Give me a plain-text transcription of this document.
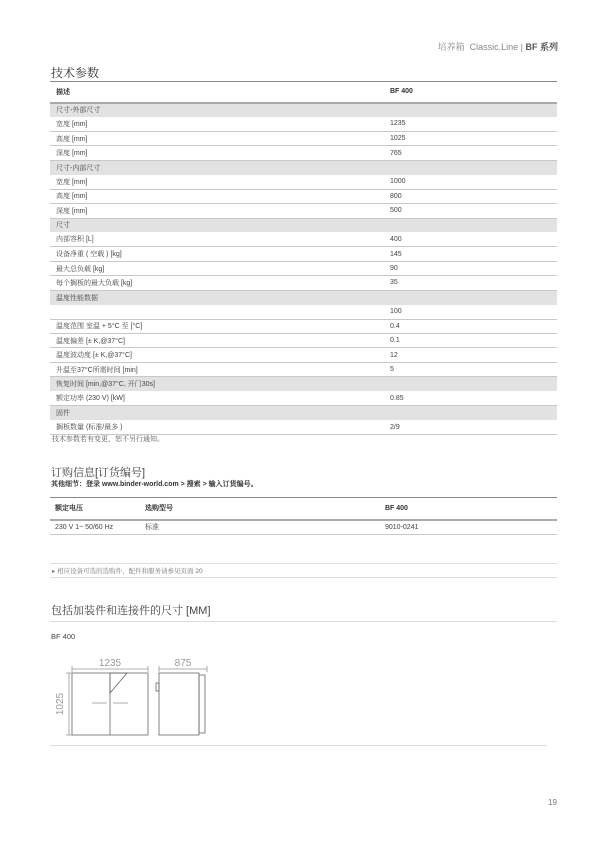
培养箱 Classic.Line | BF 系列
技术参数
描述	BF 400
尺寸-外部尺寸	
宽度 [mm]	1235
高度 [mm]	1025
深度 [mm]	765
尺寸-内部尺寸	
宽度 [mm]	1000
高度 [mm]	800
深度 [mm]	500
尺寸	
内部容积 [L]	400
设备净重 ( 空载 ) [kg]	145
最大总负载 [kg]	90
每个搁板的最大负载 [kg]	35
温度性能数据	
	100
温度范围 室温 + 5°C 至 [°C]	0.4
温度偏差 [± K,@37°C]	0.1
温度波动度 [± K,@37°C]	12
升温至37°C所需时间 [min]	5
恢复时间 [min,@37°C, 开门30s]	
额定功率 (230 V) [kW]	0.85
固件	
搁板数量 (标准/最多 )	2/9
技术参数若有变更，恕不另行通知。
订购信息[订货编号]
其他细节：登录 www.binder-world.com > 搜索 > 输入订货编号。
额定电压	选购型号	BF 400
230 V 1~ 50/60 Hz	标准	9010-0241
▸ 相应设备可选的选购件、配件和服务请参见页面 20
包括加装件和连接件的尺寸 [MM]
BF 400
1235	875
1025
19
